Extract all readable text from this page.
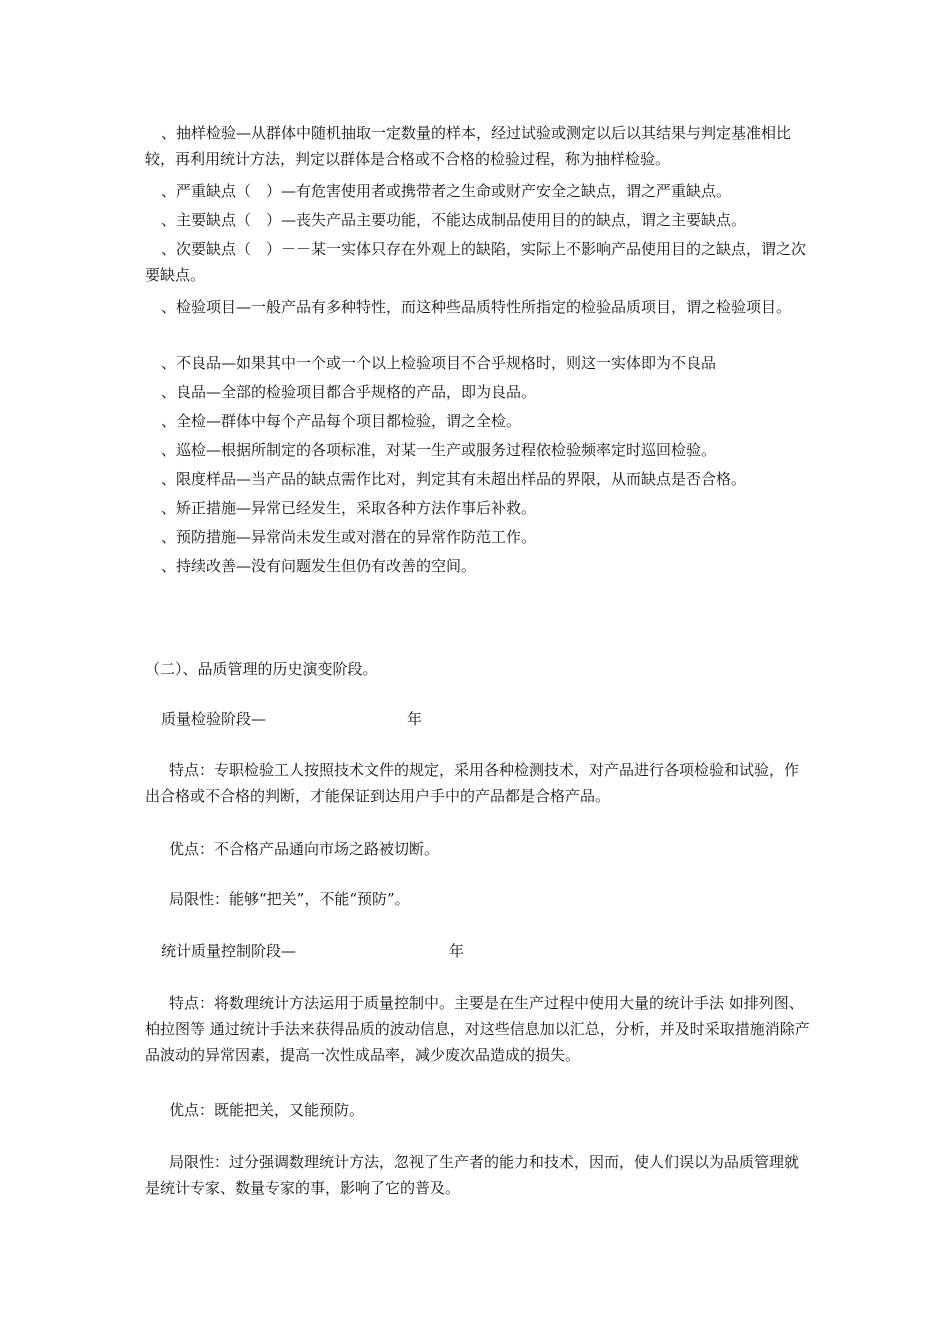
、抽样检验—从群体中随机抽取一定数量的样本，经过试验或测定以后以其结果与判定基准相比较，再利用统计方法，判定以群体是合格或不合格的检验过程，称为抽样检验。

、严重缺点（　）—有危害使用者或携带者之生命或财产安全之缺点，谓之严重缺点。

、主要缺点（　）—丧失产品主要功能，不能达成制品使用目的的缺点，谓之主要缺点。

、次要缺点（　）－－某一实体只存在外观上的缺陷，实际上不影响产品使用目的之缺点，谓之次要缺点。

、检验项目—一般产品有多种特性，而这种些品质特性所指定的检验品质项目，谓之检验项目。

、不良品—如果其中一个或一个以上检验项目不合乎规格时，则这一实体即为不良品

、良品—全部的检验项目都合乎规格的产品，即为良品。

、全检—群体中每个产品每个项目都检验，谓之全检。

、巡检—根据所制定的各项标准，对某一生产或服务过程依检验频率定时巡回检验。

、限度样品—当产品的缺点需作比对，判定其有未超出样品的界限，从而缺点是否合格。

、矫正措施—异常已经发生，采取各种方法作事后补救。

、预防措施—异常尚未发生或对潜在的异常作防范工作。

、持续改善—没有问题发生但仍有改善的空间。

（二）、品质管理的历史演变阶段。

质量检验阶段—	年

特点：专职检验工人按照技术文件的规定，采用各种检测技术，对产品进行各项检验和试验，作出合格或不合格的判断，才能保证到达用户手中的产品都是合格产品。

优点：不合格产品通向市场之路被切断。

局限性：能够“把关”，不能“预防”。

统计质量控制阶段—	年

特点：将数理统计方法运用于质量控制中。主要是在生产过程中使用大量的统计手法 如排列图、柏拉图等 通过统计手法来获得品质的波动信息，对这些信息加以汇总，分析，并及时采取措施消除产品波动的异常因素，提高一次性成品率，减少废次品造成的损失。

优点：既能把关，又能预防。

局限性：过分强调数理统计方法，忽视了生产者的能力和技术，因而，使人们误以为品质管理就是统计专家、数量专家的事，影响了它的普及。
